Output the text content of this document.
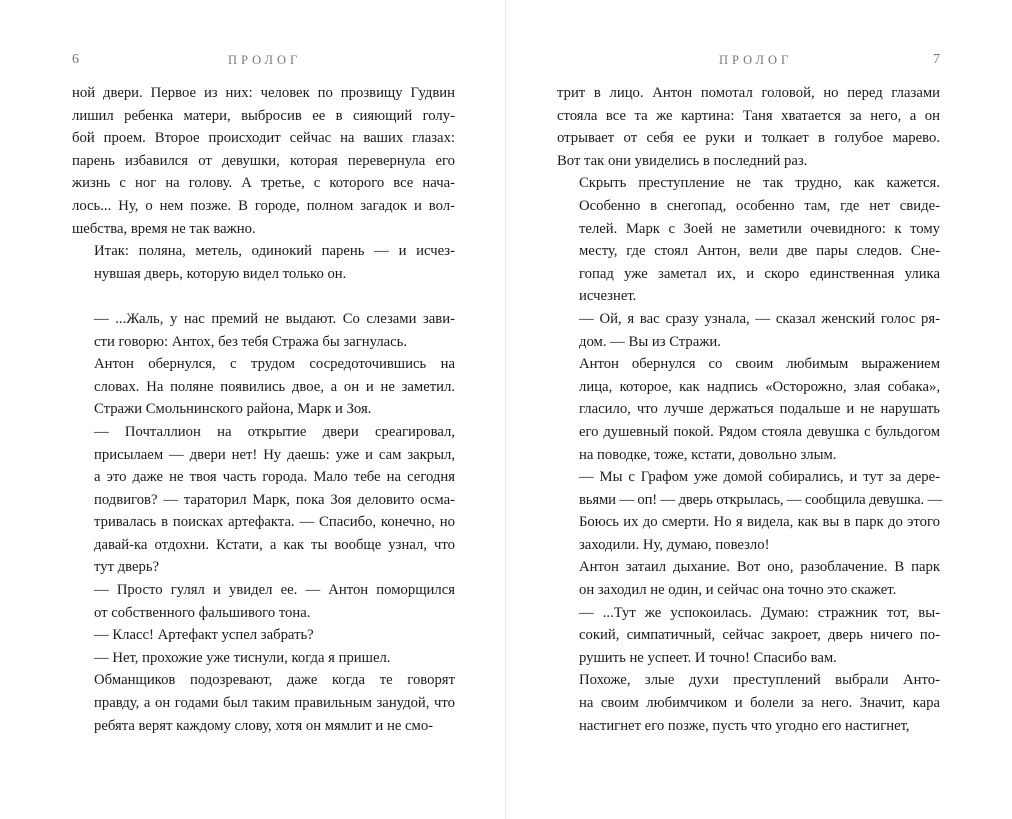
6	ПРОЛОГ

ной двери. Первое из них: человек по прозвищу Гудвин
лишил ребенка матери, выбросив ее в сияющий голу-
бой проем. Второе происходит сейчас на ваших глазах:
парень избавился от девушки, которая перевернула его
жизнь с ног на голову. А третье, с которого все нача-
лось... Ну, о нем позже. В городе, полном загадок и вол-
шебства, время не так важно.

Итак: поляна, метель, одинокий парень — и исчез-
нувшая дверь, которую видел только он.

— ...Жаль, у нас премий не выдают. Со слезами зави-
сти говорю: Антох, без тебя Стража бы загнулась.

Антон обернулся, с трудом сосредоточившись на
словах. На поляне появились двое, а он и не заметил.
Стражи Смольнинского района, Марк и Зоя.

— Почталлион на открытие двери среагировал,
присылаем — двери нет! Ну даешь: уже и сам закрыл,
а это даже не твоя часть города. Мало тебе на сегодня
подвигов? — тараторил Марк, пока Зоя деловито осма-
тривалась в поисках артефакта. — Спасибо, конечно, но
давай-ка отдохни. Кстати, а как ты вообще узнал, что
тут дверь?

— Просто гулял и увидел ее. — Антон поморщился
от собственного фальшивого тона.

— Класс! Артефакт успел забрать?

— Нет, прохожие уже тиснули, когда я пришел.

Обманщиков подозревают, даже когда те говорят
правду, а он годами был таким правильным занудой, что
ребята верят каждому слову, хотя он мямлит и не смо-

ПРОЛОГ	7

трит в лицо. Антон помотал головой, но перед глазами
стояла все та же картина: Таня хватается за него, а он
отрывает от себя ее руки и толкает в голубое марево.
Вот так они увиделись в последний раз.

Скрыть преступление не так трудно, как кажется.
Особенно в снегопад, особенно там, где нет свиде-
телей. Марк с Зоей не заметили очевидного: к тому
месту, где стоял Антон, вели две пары следов. Сне-
гопад уже заметал их, и скоро единственная улика
исчезнет.

— Ой, я вас сразу узнала, — сказал женский голос ря-
дом. — Вы из Стражи.

Антон обернулся со своим любимым выражением
лица, которое, как надпись «Осторожно, злая собака»,
гласило, что лучше держаться подальше и не нарушать
его душевный покой. Рядом стояла девушка с бульдогом
на поводке, тоже, кстати, довольно злым.

— Мы с Графом уже домой собирались, и тут за дере-
вьями — оп! — дверь открылась, — сообщила девушка. —
Боюсь их до смерти. Но я видела, как вы в парк до этого
заходили. Ну, думаю, повезло!

Антон затаил дыхание. Вот оно, разоблачение. В парк
он заходил не один, и сейчас она точно это скажет.

— ...Тут же успокоилась. Думаю: стражник тот, вы-
сокий, симпатичный, сейчас закроет, дверь ничего по-
рушить не успеет. И точно! Спасибо вам.

Похоже, злые духи преступлений выбрали Анто-
на своим любимчиком и болели за него. Значит, кара
настигнет его позже, пусть что угодно его настигнет,
